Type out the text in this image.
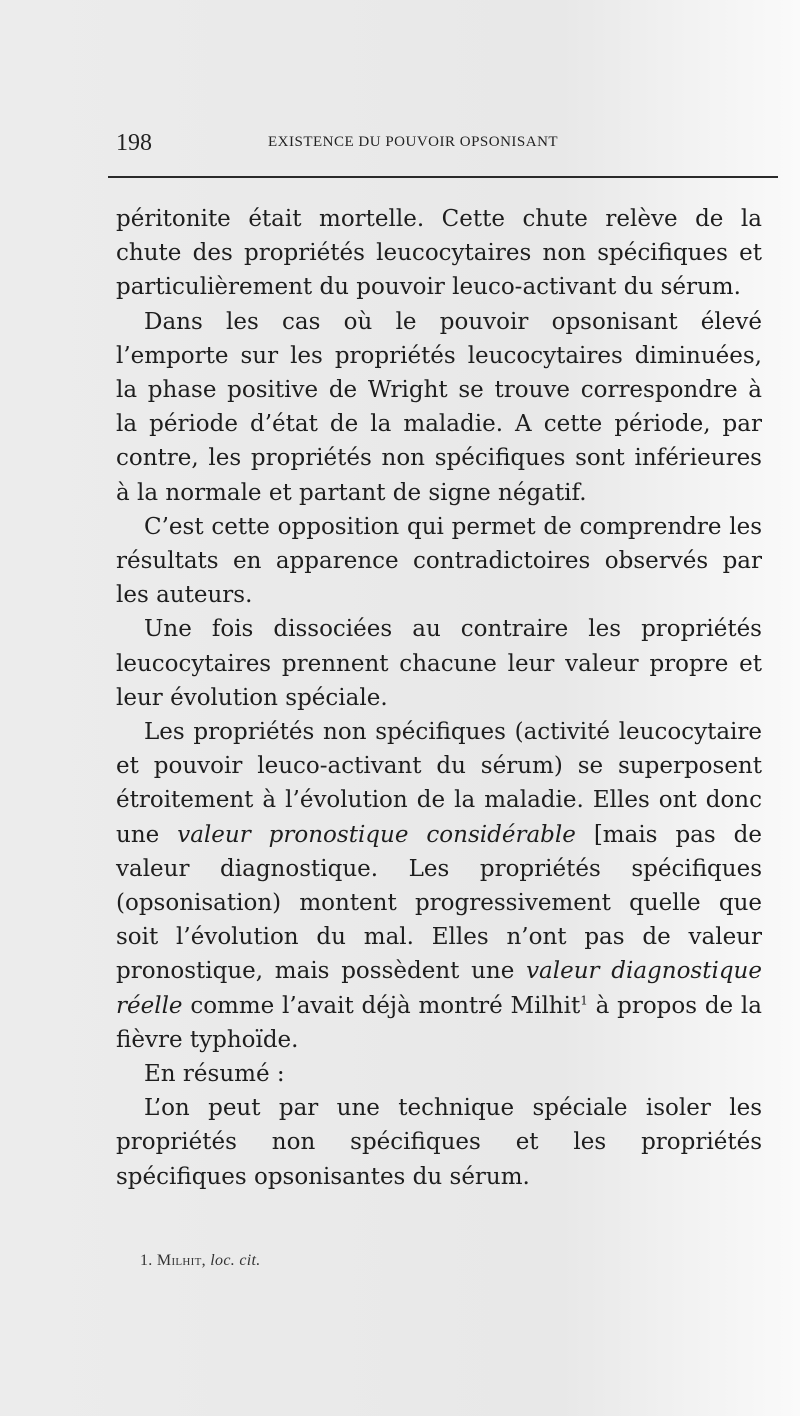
198	EXISTENCE DU POUVOIR OPSONISANT

péritonite était mortelle. Cette chute relève de la chute des propriétés leucocytaires non spécifiques et particulièrement du pouvoir leuco-activant du sérum.

Dans les cas où le pouvoir opsonisant élevé l’emporte sur les propriétés leucocytaires diminuées, la phase positive de Wright se trouve correspondre à la période d’état de la maladie. A cette période, par contre, les propriétés non spécifiques sont inférieures à la normale et partant de signe négatif.

C’est cette opposition qui permet de comprendre les résultats en apparence contradictoires observés par les auteurs.

Une fois dissociées au contraire les propriétés leucocytaires prennent chacune leur valeur propre et leur évolution spéciale.

Les propriétés non spécifiques (activité leucocytaire et pouvoir leuco-activant du sérum) se superposent étroitement à l’évolution de la maladie. Elles ont donc une valeur pronostique considérable [mais pas de valeur diagnostique. Les propriétés spécifiques (opsonisation) montent progressivement quelle que soit l’évolution du mal. Elles n’ont pas de valeur pronostique, mais possèdent une valeur diagnostique réelle comme l’avait déjà montré Milhit$^1$ à propos de la fièvre typhoïde.

En résumé :

L’on peut par une technique spéciale isoler les propriétés non spécifiques et les propriétés spécifiques opsonisantes du sérum.

1. Milhit, loc. cit.
